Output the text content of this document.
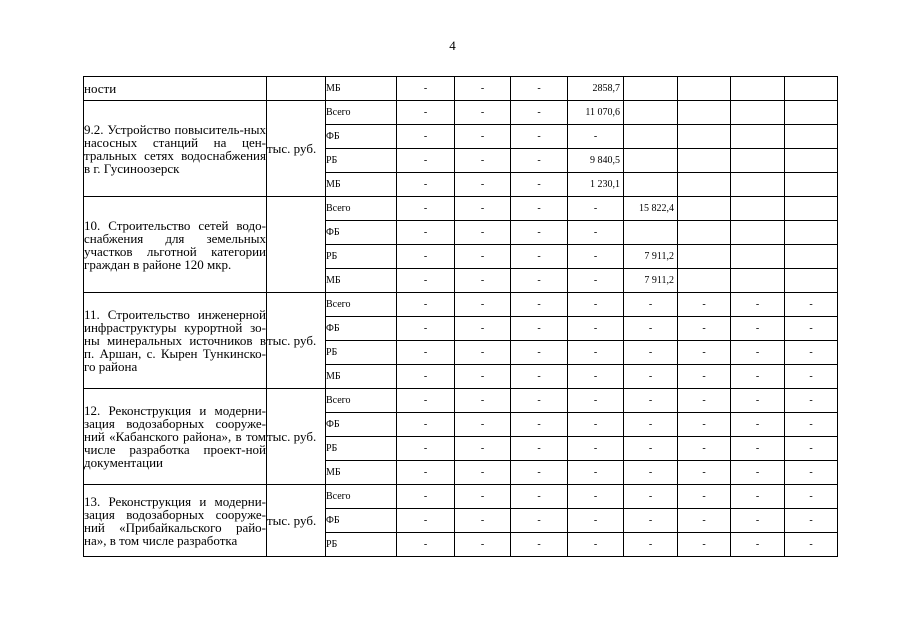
4
ности		МБ	-	-	-	2858,7				
9.2. Устройство повыситель-ных насосных станций на цен-тральных сетях водоснабжения в г. Гусиноозерск	тыс. руб.	Всего	-	-	-	11 070,6				
		ФБ	-	-	-	-				
		РБ	-	-	-	9 840,5				
		МБ	-	-	-	1 230,1				
10. Строительство сетей водо-снабжения для земельных участков льготной категории граждан в районе 120 мкр.		Всего	-	-	-	-	15 822,4			
		ФБ	-	-	-	-				
		РБ	-	-	-	-	7 911,2			
		МБ	-	-	-	-	7 911,2			
11. Строительство инженерной инфраструктуры курортной зо-ны минеральных источников в п. Аршан, с. Кырен Тункинско-го района	тыс. руб.	Всего	-	-	-	-	-	-	-	-
		ФБ	-	-	-	-	-	-	-	-
		РБ	-	-	-	-	-	-	-	-
		МБ	-	-	-	-	-	-	-	-
12. Реконструкция и модерни-зация водозаборных сооруже-ний «Кабанского района», в том числе разработка проект-ной документации	тыс. руб.	Всего	-	-	-	-	-	-	-	-
		ФБ	-	-	-	-	-	-	-	-
		РБ	-	-	-	-	-	-	-	-
		МБ	-	-	-	-	-	-	-	-
13. Реконструкция и модерни-зация водозаборных сооруже-ний «Прибайкальского райо-на», в том числе разработка	тыс. руб.	Всего	-	-	-	-	-	-	-	-
		ФБ	-	-	-	-	-	-	-	-
		РБ	-	-	-	-	-	-	-	-
